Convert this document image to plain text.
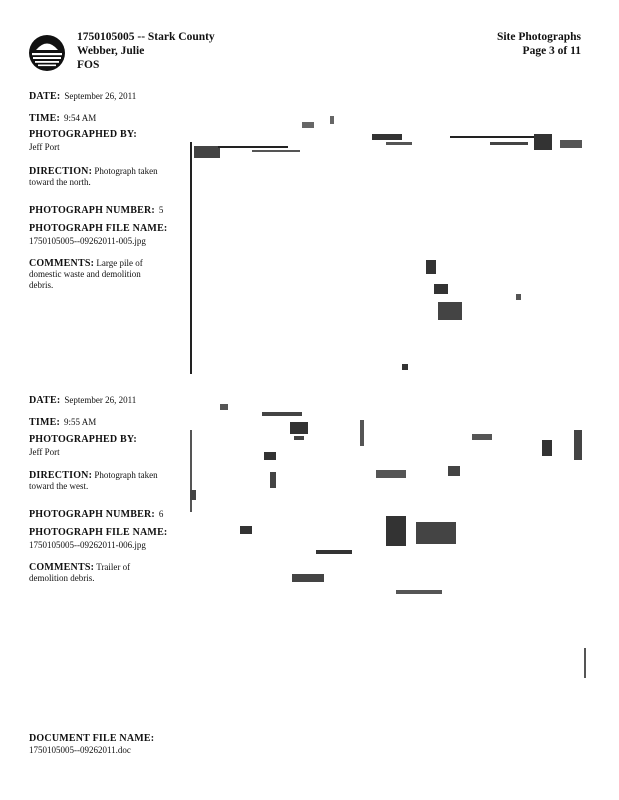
1750105005 -- Stark County
Webber, Julie
FOS
Site Photographs
Page 3 of 11
DATE: September 26, 2011
TIME: 9:54 AM
PHOTOGRAPHED BY:
Jeff Port
DIRECTION: Photograph taken
toward the north.
PHOTOGRAPH NUMBER: 5
PHOTOGRAPH FILE NAME:
1750105005--09262011-005.jpg
COMMENTS: Large pile of
domestic waste and demolition
debris.
DATE: September 26, 2011
TIME: 9:55 AM
PHOTOGRAPHED BY:
Jeff Port
DIRECTION: Photograph taken
toward the west.
PHOTOGRAPH NUMBER: 6
PHOTOGRAPH FILE NAME:
1750105005--09262011-006.jpg
COMMENTS: Trailer of
demolition debris.
DOCUMENT FILE NAME:
1750105005--09262011.doc
